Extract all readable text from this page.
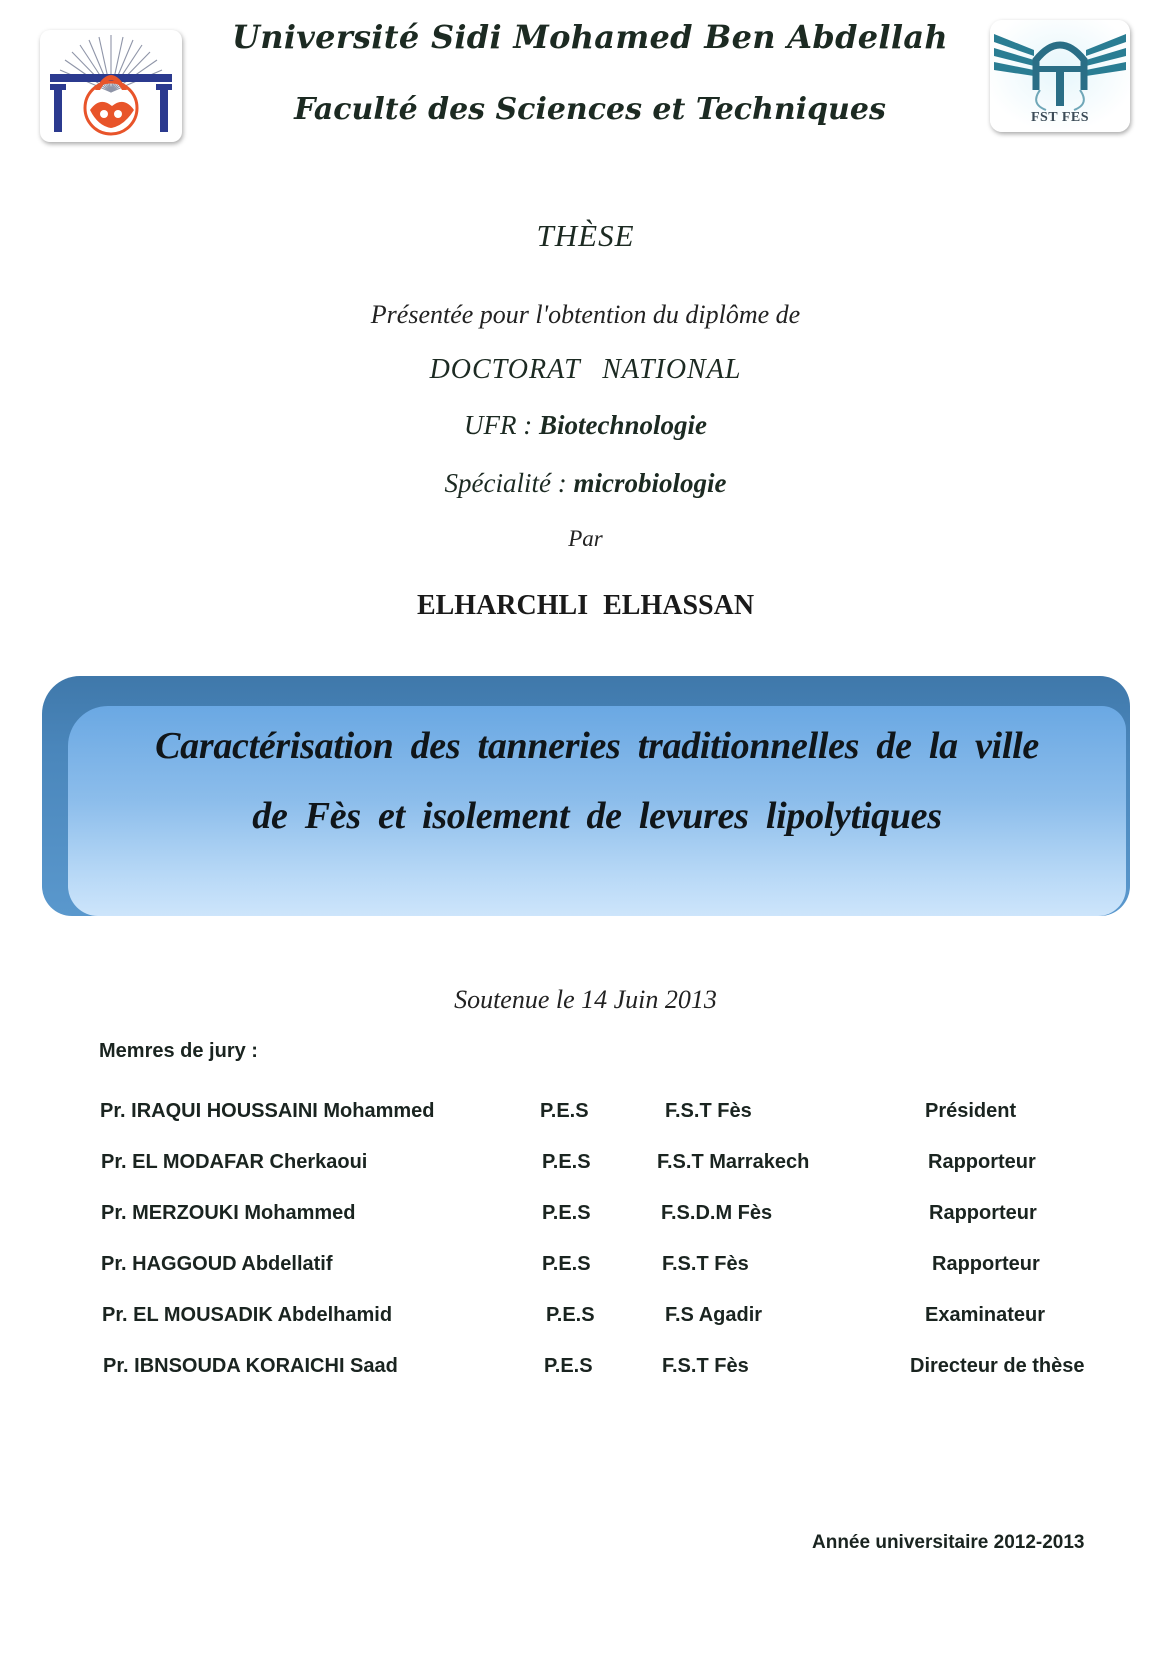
Université Sidi Mohamed Ben Abdellah
Faculté des Sciences et Techniques	FST FES
THÈSE
Présentée pour l'obtention du diplôme de
DOCTORAT NATIONAL
UFR : Biotechnologie
Spécialité : microbiologie
Par
ELHARCHLI ELHASSAN
Caractérisation des tanneries traditionnelles de la ville
de Fès et isolement de levures lipolytiques
Soutenue le 14 Juin 2013
Memres de jury :
Pr. IRAQUI HOUSSAINI Mohammed	P.E.S	F.S.T Fès	Président
Pr. EL MODAFAR Cherkaoui	P.E.S	F.S.T Marrakech	Rapporteur
Pr. MERZOUKI Mohammed	P.E.S	F.S.D.M Fès	Rapporteur
Pr. HAGGOUD Abdellatif	P.E.S	F.S.T Fès	Rapporteur
Pr. EL MOUSADIK Abdelhamid	P.E.S	F.S Agadir	Examinateur
Pr. IBNSOUDA KORAICHI Saad	P.E.S	F.S.T Fès	Directeur de thèse
Année universitaire 2012-2013
